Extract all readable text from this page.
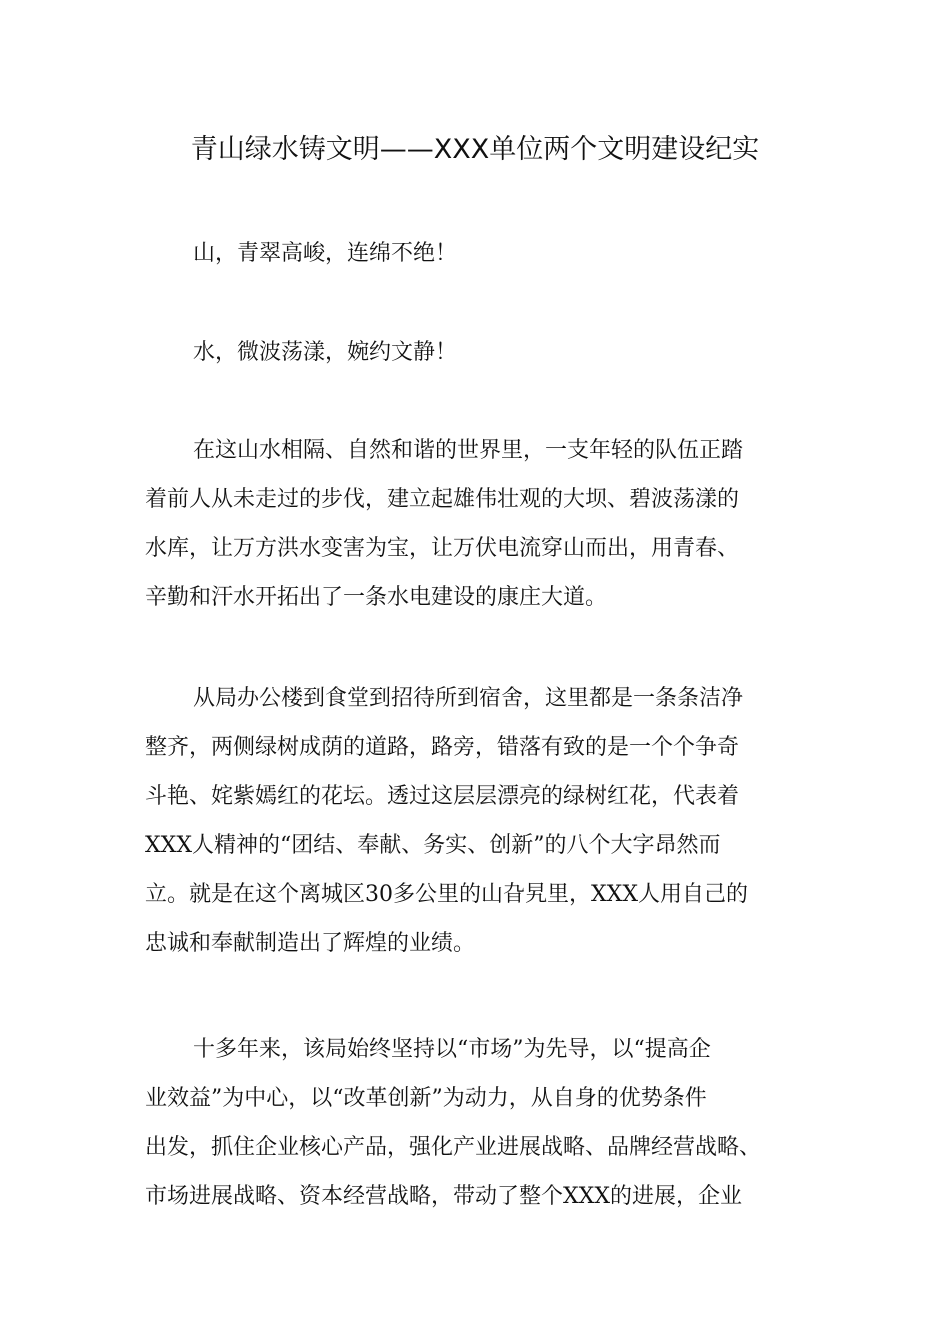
青山绿水铸文明——XXX单位两个文明建设纪实

山，青翠高峻，连绵不绝！

水，微波荡漾，婉约文静！

在这山水相隔、自然和谐的世界里，一支年轻的队伍正踏
着前人从未走过的步伐，建立起雄伟壮观的大坝、碧波荡漾的
水库，让万方洪水变害为宝，让万伏电流穿山而出，用青春、
辛勤和汗水开拓出了一条水电建设的康庄大道。

从局办公楼到食堂到招待所到宿舍，这里都是一条条洁净
整齐，两侧绿树成荫的道路，路旁，错落有致的是一个个争奇
斗艳、姹紫嫣红的花坛。透过这层层漂亮的绿树红花，代表着
XXX人精神的“团结、奉献、务实、创新”的八个大字昂然而
立。就是在这个离城区30多公里的山旮旯里，XXX人用自己的
忠诚和奉献制造出了辉煌的业绩。

十多年来，该局始终坚持以“市场”为先导，以“提高企
业效益”为中心，以“改革创新”为动力，从自身的优势条件
出发，抓住企业核心产品，强化产业进展战略、品牌经营战略、
市场进展战略、资本经营战略，带动了整个XXX的进展，企业
